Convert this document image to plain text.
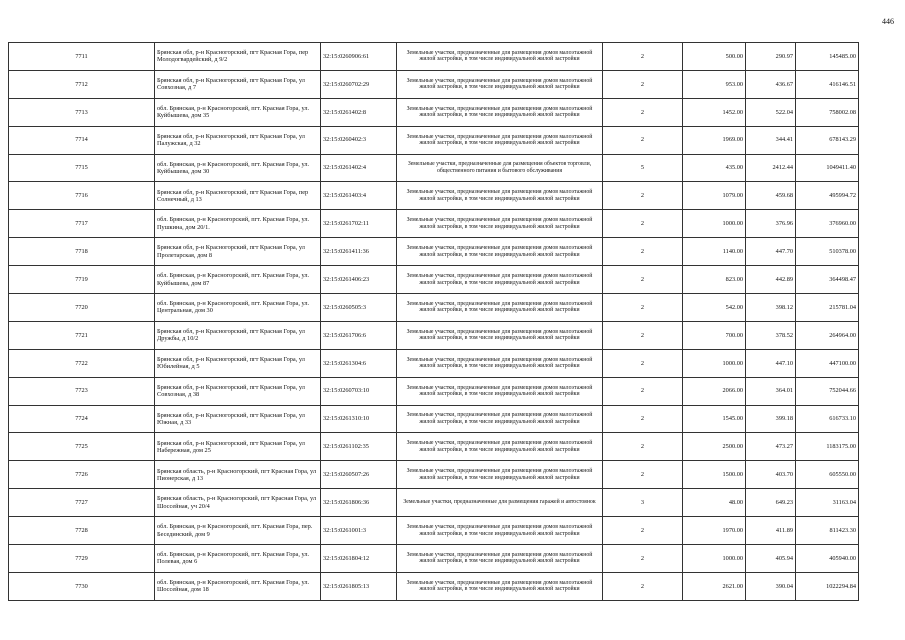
446
7711	Брянская обл, р-н Красногорский, пгт Красная Гора, пер Молодогвардейский, д 9/2	32:15:0260906:61	Земельные участки, предназначенные для размещения домов малоэтажной жилой застройки, в том числе индивидуальной жилой застройки	2	500.00	290.97	145485.00
7712	Брянская обл, р-н Красногорский, пгт Красная Гора, ул Совхозная, д 7	32:15:0260702:29	Земельные участки, предназначенные для размещения домов малоэтажной жилой застройки, в том числе индивидуальной жилой застройки	2	953.00	436.67	416146.51
7713	обл. Брянская, р-н Красногорский, пгт. Красная Гора, ул. Куйбышева, дом 35	32:15:0261402:8	Земельные участки, предназначенные для размещения домов малоэтажной жилой застройки, в том числе индивидуальной жилой застройки	2	1452.00	522.04	758002.08
7714	Брянская обл, р-н Красногорский, пгт Красная Гора, ул Палужская, д 32	32:15:0260402:3	Земельные участки, предназначенные для размещения домов малоэтажной жилой застройки, в том числе индивидуальной жилой застройки	2	1969.00	344.41	678143.29
7715	обл. Брянская, р-н Красногорский, пгт. Красная Гора, ул. Куйбышева, дом 30	32:15:0261402:4	Земельные участки, предназначенные для размещения объектов торговли, общественного питания и бытового обслуживания	5	435.00	2412.44	1049411.40
7716	Брянская обл, р-н Красногорский, пгт Красная Гора, пер Солнечный, д 13	32:15:0261403:4	Земельные участки, предназначенные для размещения домов малоэтажной жилой застройки, в том числе индивидуальной жилой застройки	2	1079.00	459.68	495994.72
7717	обл. Брянская, р-н Красногорский, пгт. Красная Гора, ул. Пушкина, дом 20/1.	32:15:0261702:11	Земельные участки, предназначенные для размещения домов малоэтажной жилой застройки, в том числе индивидуальной жилой застройки	2	1000.00	376.96	376960.00
7718	Брянская обл, р-н Красногорский, пгт Красная Гора, ул Пролетарская, дом 8	32:15:0261411:36	Земельные участки, предназначенные для размещения домов малоэтажной жилой застройки, в том числе индивидуальной жилой застройки	2	1140.00	447.70	510378.00
7719	обл. Брянская, р-н Красногорский, пгт. Красная Гора, ул. Куйбышева, дом 87	32:15:0261406:23	Земельные участки, предназначенные для размещения домов малоэтажной жилой застройки, в том числе индивидуальной жилой застройки	2	823.00	442.89	364498.47
7720	обл. Брянская, р-н Красногорский, пгт. Красная Гора, ул. Центральная, дом 30	32:15:0260505:3	Земельные участки, предназначенные для размещения домов малоэтажной жилой застройки, в том числе индивидуальной жилой застройки	2	542.00	398.12	215781.04
7721	Брянская обл, р-н Красногорский, пгт Красная Гора, ул Дружбы, д 10/2	32:15:0261706:6	Земельные участки, предназначенные для размещения домов малоэтажной жилой застройки, в том числе индивидуальной жилой застройки	2	700.00	378.52	264964.00
7722	Брянская обл, р-н Красногорский, пгт Красная Гора, ул Юбилейная, д 5	32:15:0261304:6	Земельные участки, предназначенные для размещения домов малоэтажной жилой застройки, в том числе индивидуальной жилой застройки	2	1000.00	447.10	447100.00
7723	Брянская обл, р-н Красногорский, пгт Красная Гора, ул Совхозная, д 38	32:15:0260703:10	Земельные участки, предназначенные для размещения домов малоэтажной жилой застройки, в том числе индивидуальной жилой застройки	2	2066.00	364.01	752044.66
7724	Брянская обл, р-н Красногорский, пгт Красная Гора, ул Южная, д 33	32:15:0261310:10	Земельные участки, предназначенные для размещения домов малоэтажной жилой застройки, в том числе индивидуальной жилой застройки	2	1545.00	399.18	616733.10
7725	Брянская обл, р-н Красногорский, пгт Красная Гора, ул Набережная, дом 25	32:15:0261102:35	Земельные участки, предназначенные для размещения домов малоэтажной жилой застройки, в том числе индивидуальной жилой застройки	2	2500.00	473.27	1183175.00
7726	Брянская область, р-н Красногорский, пгт Красная Гора, ул Пионерская, д 13	32:15:0260507:26	Земельные участки, предназначенные для размещения домов малоэтажной жилой застройки, в том числе индивидуальной жилой застройки	2	1500.00	403.70	605550.00
7727	Брянская область, р-н Красногорский, пгт Красная Гора, ул Шоссейная, уч 20/4	32:15:0261806:36	Земельные участки, предназначенные для размещения гаражей и автостоянок	3	48.00	649.23	31163.04
7728	обл. Брянская, р-н Красногорский, пгт. Красная Гора, пер. Бесединский, дом 9	32:15:0261001:3	Земельные участки, предназначенные для размещения домов малоэтажной жилой застройки, в том числе индивидуальной жилой застройки	2	1970.00	411.89	811423.30
7729	обл. Брянская, р-н Красногорский, пгт. Красная Гора, ул. Полевая, дом 6	32:15:0261804:12	Земельные участки, предназначенные для размещения домов малоэтажной жилой застройки, в том числе индивидуальной жилой застройки	2	1000.00	405.94	405940.00
7730	обл. Брянская, р-н Красногорский, пгт. Красная Гора, ул. Шоссейная, дом 18	32:15:0261805:13	Земельные участки, предназначенные для размещения домов малоэтажной жилой застройки, в том числе индивидуальной жилой застройки	2	2621.00	390.04	1022294.84
